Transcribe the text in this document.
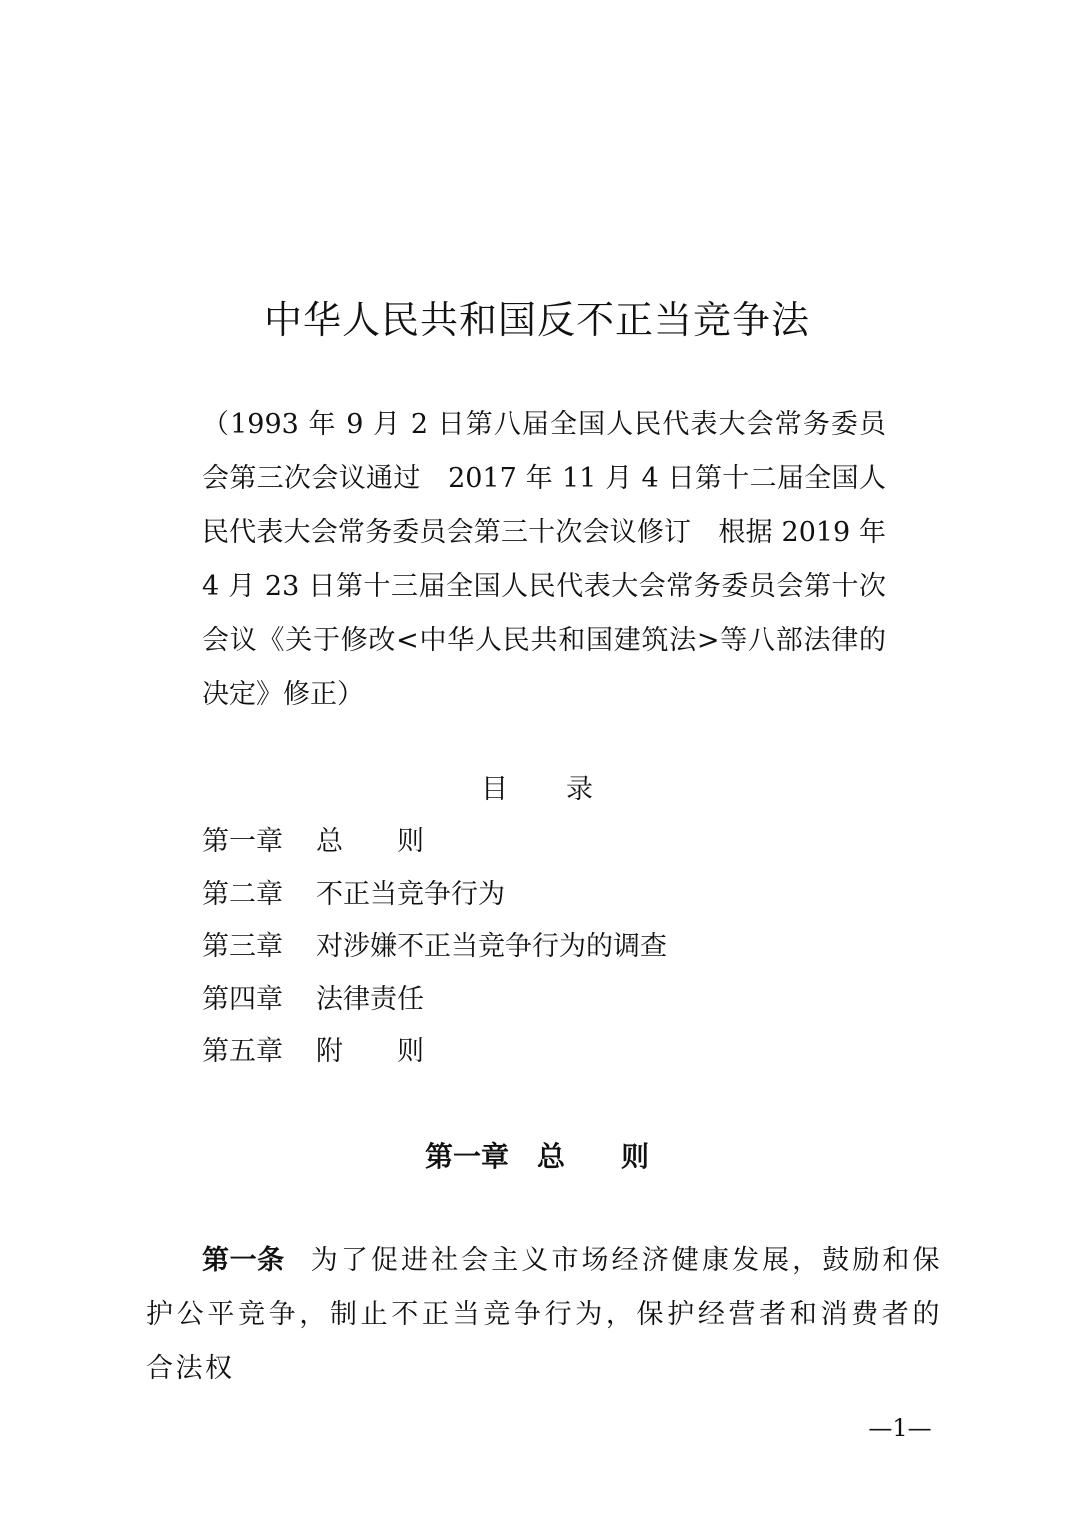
中华人民共和国反不正当竞争法
（1993 年 9 月 2 日第八届全国人民代表大会常务委员会第三次会议通过　2017 年 11 月 4 日第十二届全国人民代表大会常务委员会第三十次会议修订　根据 2019 年 4 月 23 日第十三届全国人民代表大会常务委员会第十次会议《关于修改<中华人民共和国建筑法>等八部法律的决定》修正）
目 录
第一章 总　　则
第二章 不正当竞争行为
第三章 对涉嫌不正当竞争行为的调查
第四章 法律责任
第五章 附　　则
第一章 总　　则
第一条 为了促进社会主义市场经济健康发展，鼓励和保护公平竞争，制止不正当竞争行为，保护经营者和消费者的合法权
—1—
